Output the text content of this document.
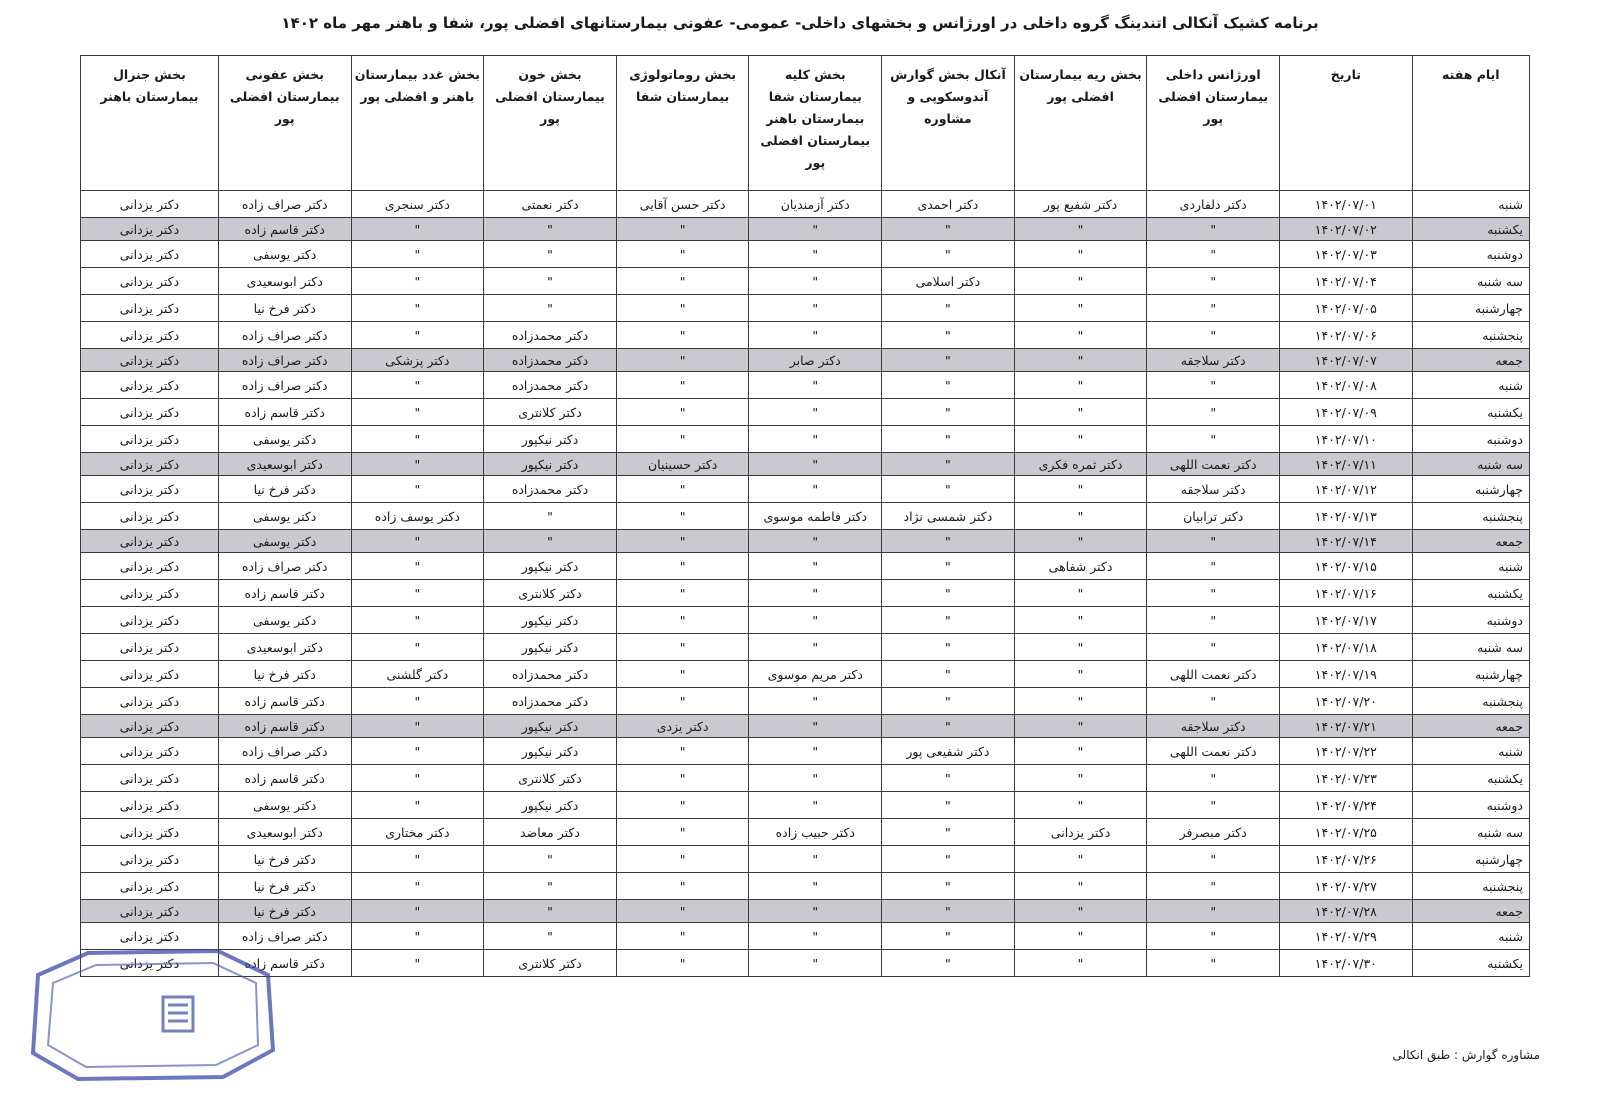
برنامه کشیک آنکالی اتندینگ گروه داخلی در اورژانس و بخشهای داخلی- عمومی- عفونی بیمارستانهای افضلی پور، شفا و باهنر مهر ماه ۱۴۰۲
ایام هفته	تاریخ	اورژانس داخلی بیمارستان افضلی پور	بخش ریه بیمارستان افضلی پور	آنکال بخش گوارش آندوسکوپی و مشاوره	بخش کلیه بیمارستان شفا بیمارستان باهنر بیمارستان افضلی پور	بخش روماتولوژی بیمارستان شفا	بخش خون بیمارستان افضلی پور	بخش غدد بیمارستان باهنر و افضلی پور	بخش عفونی بیمارستان افضلی پور	بخش جنرال بیمارستان باهنر
شنبه	۱۴۰۲/۰۷/۰۱	دکتر دلفاردی	دکتر شفیع پور	دکتر احمدی	دکتر آزمندیان	دکتر حسن آقایی	دکتر نعمتی	دکتر سنجری	دکتر صراف زاده	دکتر یزدانی
یکشنبه	۱۴۰۲/۰۷/۰۲	"	"	"	"	"	"	"	دکتر قاسم زاده	دکتر یزدانی
دوشنبه	۱۴۰۲/۰۷/۰۳	"	"	"	"	"	"	"	دکتر یوسفی	دکتر یزدانی
سه شنبه	۱۴۰۲/۰۷/۰۴	"	"	دکتر اسلامی	"	"	"	"	دکتر ابوسعیدی	دکتر یزدانی
چهارشنبه	۱۴۰۲/۰۷/۰۵	"	"	"	"	"	"	"	دکتر فرخ نیا	دکتر یزدانی
پنجشنبه	۱۴۰۲/۰۷/۰۶	"	"	"	"	"	دکتر محمدزاده	"	دکتر صراف زاده	دکتر یزدانی
جمعه	۱۴۰۲/۰۷/۰۷	دکتر سلاجقه	"	"	دکتر صابر	"	دکتر محمدزاده	دکتر پزشکی	دکتر صراف زاده	دکتر یزدانی
شنبه	۱۴۰۲/۰۷/۰۸	"	"	"	"	"	دکتر محمدزاده	"	دکتر صراف زاده	دکتر یزدانی
یکشنبه	۱۴۰۲/۰۷/۰۹	"	"	"	"	"	دکتر کلانتری	"	دکتر قاسم زاده	دکتر یزدانی
دوشنبه	۱۴۰۲/۰۷/۱۰	"	"	"	"	"	دکتر نیکپور	"	دکتر یوسفی	دکتر یزدانی
سه شنبه	۱۴۰۲/۰۷/۱۱	دکتر نعمت اللهی	دکتر ثمره فکری	"	"	دکتر حسینیان	دکتر نیکپور	"	دکتر ابوسعیدی	دکتر یزدانی
چهارشنبه	۱۴۰۲/۰۷/۱۲	دکتر سلاجقه	"	"	"	"	دکتر محمدزاده	"	دکتر فرخ نیا	دکتر یزدانی
پنجشنبه	۱۴۰۲/۰۷/۱۳	دکتر ترابیان	"	دکتر شمسی نژاد	دکتر فاطمه موسوی	"	"	دکتر یوسف زاده	دکتر یوسفی	دکتر یزدانی
جمعه	۱۴۰۲/۰۷/۱۴	"	"	"	"	"	"	"	دکتر یوسفی	دکتر یزدانی
شنبه	۱۴۰۲/۰۷/۱۵	"	دکتر شفاهی	"	"	"	دکتر نیکپور	"	دکتر صراف زاده	دکتر یزدانی
یکشنبه	۱۴۰۲/۰۷/۱۶	"	"	"	"	"	دکتر کلانتری	"	دکتر قاسم زاده	دکتر یزدانی
دوشنبه	۱۴۰۲/۰۷/۱۷	"	"	"	"	"	دکتر نیکپور	"	دکتر یوسفی	دکتر یزدانی
سه شنبه	۱۴۰۲/۰۷/۱۸	"	"	"	"	"	دکتر نیکپور	"	دکتر ابوسعیدی	دکتر یزدانی
چهارشنبه	۱۴۰۲/۰۷/۱۹	دکتر نعمت اللهی	"	"	دکتر مریم موسوی	"	دکتر محمدزاده	دکتر گلشنی	دکتر فرخ نیا	دکتر یزدانی
پنجشنبه	۱۴۰۲/۰۷/۲۰	"	"	"	"	"	دکتر محمدزاده	"	دکتر قاسم زاده	دکتر یزدانی
جمعه	۱۴۰۲/۰۷/۲۱	دکتر سلاجقه	"	"	"	دکتر یزدی	دکتر نیکپور	"	دکتر قاسم زاده	دکتر یزدانی
شنبه	۱۴۰۲/۰۷/۲۲	دکتر نعمت اللهی	"	دکتر شفیعی پور	"	"	دکتر نیکپور	"	دکتر صراف زاده	دکتر یزدانی
یکشنبه	۱۴۰۲/۰۷/۲۳	"	"	"	"	"	دکتر کلانتری	"	دکتر قاسم زاده	دکتر یزدانی
دوشنبه	۱۴۰۲/۰۷/۲۴	"	"	"	"	"	دکتر نیکپور	"	دکتر یوسفی	دکتر یزدانی
سه شنبه	۱۴۰۲/۰۷/۲۵	دکتر مبصرفر	دکتر یزدانی	"	دکتر حبیب زاده	"	دکتر معاضد	دکتر مختاری	دکتر ابوسعیدی	دکتر یزدانی
چهارشنبه	۱۴۰۲/۰۷/۲۶	"	"	"	"	"	"	"	دکتر فرخ نیا	دکتر یزدانی
پنجشنبه	۱۴۰۲/۰۷/۲۷	"	"	"	"	"	"	"	دکتر فرخ نیا	دکتر یزدانی
جمعه	۱۴۰۲/۰۷/۲۸	"	"	"	"	"	"	"	دکتر فرخ نیا	دکتر یزدانی
شنبه	۱۴۰۲/۰۷/۲۹	"	"	"	"	"	"	"	دکتر صراف زاده	دکتر یزدانی
یکشنبه	۱۴۰۲/۰۷/۳۰	"	"	"	"	"	دکتر کلانتری	"	دکتر قاسم زاده	دکتر یزدانی
مشاوره گوارش : طبق انکالی
